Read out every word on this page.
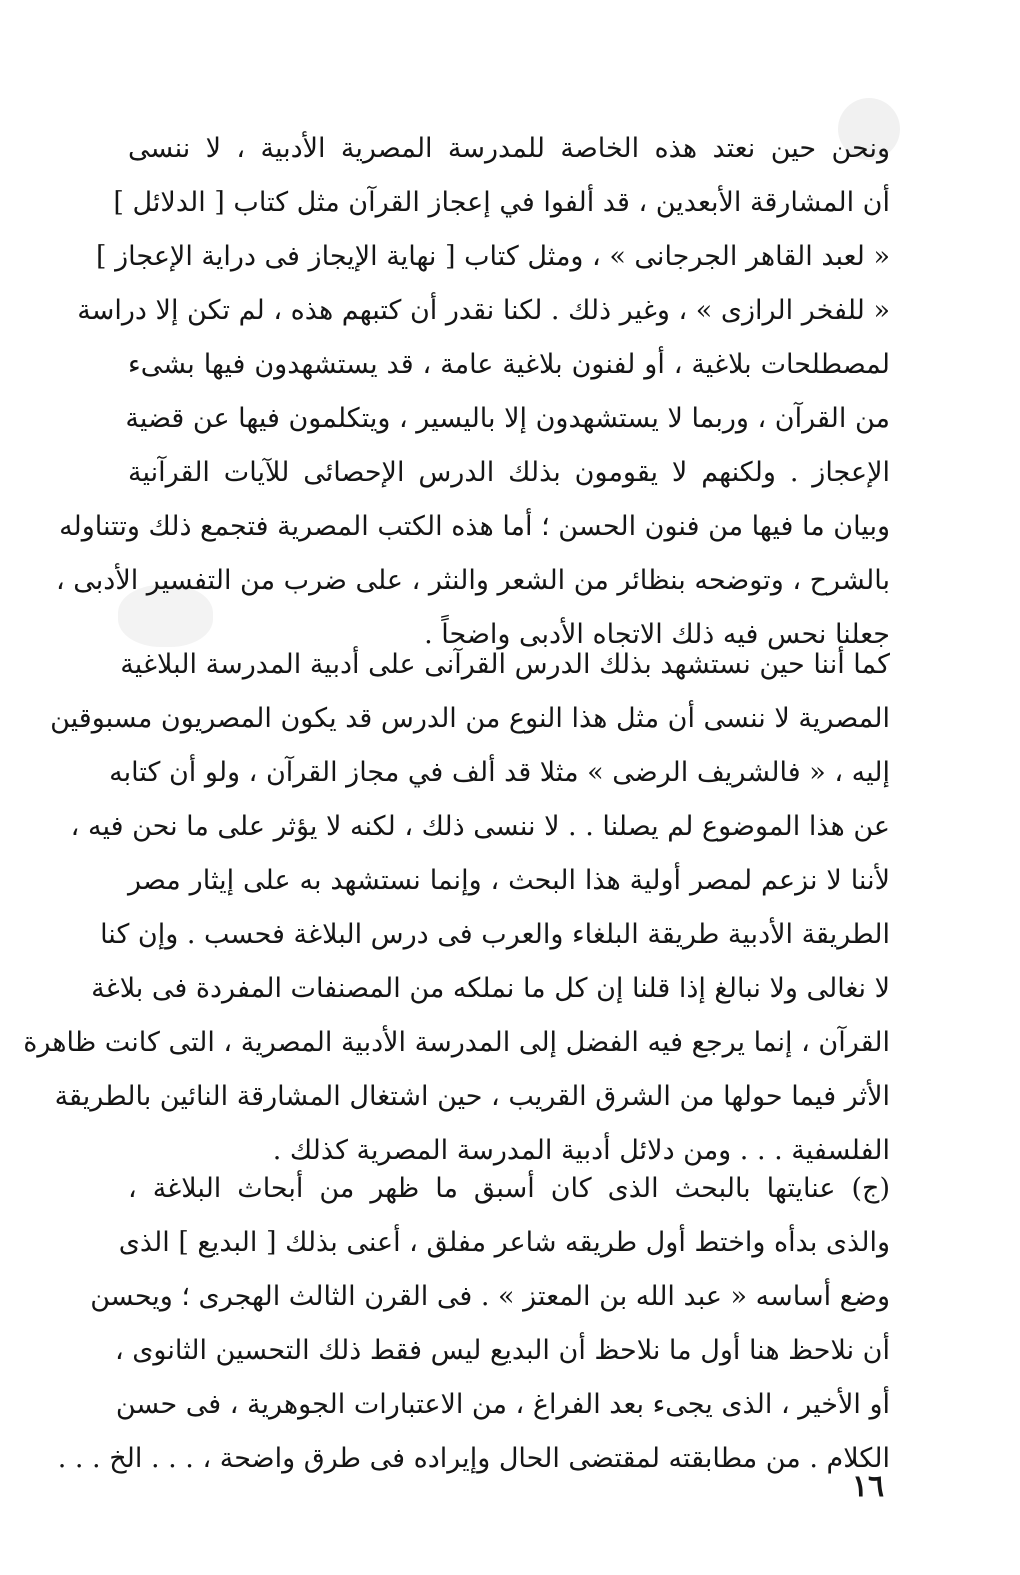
ونحن حين نعتد هذه الخاصة للمدرسة المصرية الأدبية ، لا ننسى
أن المشارقة الأبعدين ، قد ألفوا في إعجاز القرآن مثل كتاب [ الدلائل ]
« لعبد القاهر الجرجانى » ، ومثل كتاب [ نهاية الإيجاز فى دراية الإعجاز ]
« للفخر الرازى » ، وغير ذلك . لكنا نقدر أن كتبهم هذه ، لم تكن إلا دراسة
لمصطلحات بلاغية ، أو لفنون بلاغية عامة ، قد يستشهدون فيها بشىء
من القرآن ، وربما لا يستشهدون إلا باليسير ، ويتكلمون فيها عن قضية
الإعجاز . ولكنهم لا يقومون بذلك الدرس الإحصائى للآيات القرآنية
وبيان ما فيها من فنون الحسن ؛ أما هذه الكتب المصرية فتجمع ذلك وتتناوله
بالشرح ، وتوضحه بنظائر من الشعر والنثر ، على ضرب من التفسير الأدبى ،
جعلنا نحس فيه ذلك الاتجاه الأدبى واضحاً .
كما أننا حين نستشهد بذلك الدرس القرآنى على أدبية المدرسة البلاغية
المصرية لا ننسى أن مثل هذا النوع من الدرس قد يكون المصريون مسبوقين
إليه ، « فالشريف الرضى » مثلا قد ألف في مجاز القرآن ، ولو أن كتابه
عن هذا الموضوع لم يصلنا . . لا ننسى ذلك ، لكنه لا يؤثر على ما نحن فيه ،
لأننا لا نزعم لمصر أولية هذا البحث ، وإنما نستشهد به على إيثار مصر
الطريقة الأدبية طريقة البلغاء والعرب فى درس البلاغة فحسب . وإن كنا
لا نغالى ولا نبالغ إذا قلنا إن كل ما نملكه من المصنفات المفردة فى بلاغة
القرآن ، إنما يرجع فيه الفضل إلى المدرسة الأدبية المصرية ، التى كانت ظاهرة
الأثر فيما حولها من الشرق القريب ، حين اشتغال المشارقة النائين بالطريقة
الفلسفية . . . ومن دلائل أدبية المدرسة المصرية كذلك .
(ج) عنايتها بالبحث الذى كان أسبق ما ظهر من أبحاث البلاغة ،
والذى بدأه واختط أول طريقه شاعر مفلق ، أعنى بذلك [ البديع ] الذى
وضع أساسه « عبد الله بن المعتز » . فى القرن الثالث الهجرى ؛ ويحسن
أن نلاحظ هنا أول ما نلاحظ أن البديع ليس فقط ذلك التحسين الثانوى ،
أو الأخير ، الذى يجىء بعد الفراغ ، من الاعتبارات الجوهرية ، فى حسن
الكلام . من مطابقته لمقتضى الحال وإيراده فى طرق واضحة ، . . . الخ . . .
١٦
